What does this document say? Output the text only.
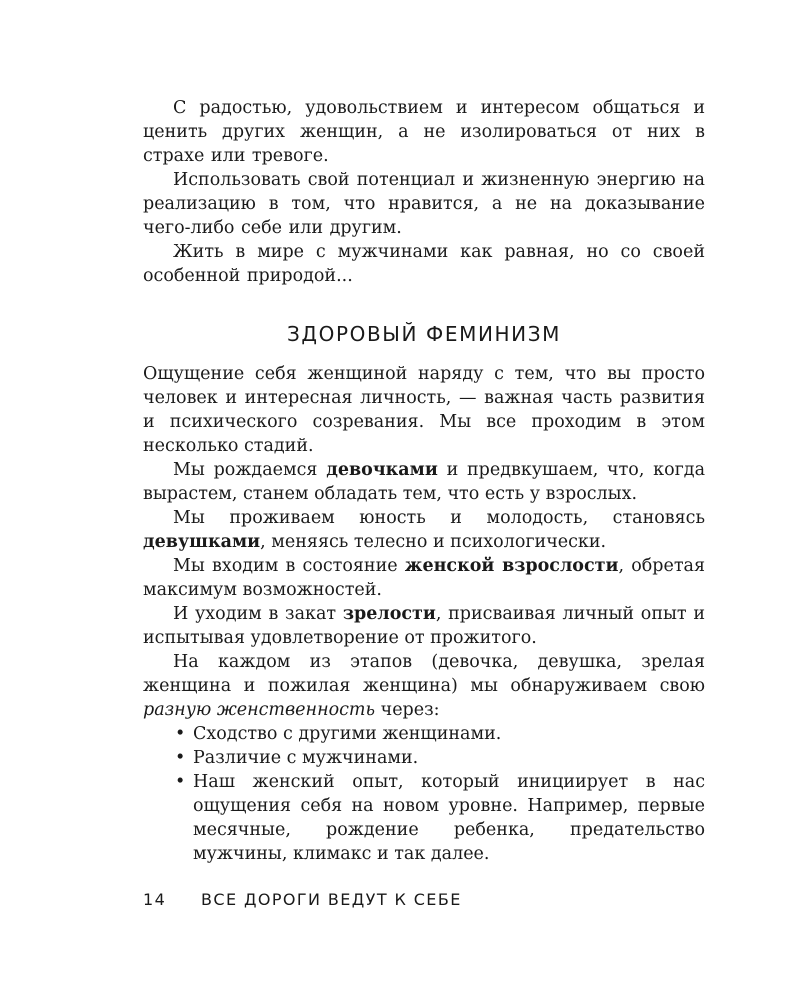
С радостью, удовольствием и интересом общаться и ценить других женщин, а не изолироваться от них в страхе или тревоге.

Использовать свой потенциал и жизненную энергию на реализацию в том, что нравится, а не на доказывание чего-либо себе или другим.

Жить в мире с мужчинами как равная, но со своей особенной природой...

ЗДОРОВЫЙ ФЕМИНИЗМ

Ощущение себя женщиной наряду с тем, что вы просто человек и интересная личность, — важная часть развития и психического созревания. Мы все проходим в этом несколько стадий.

Мы рождаемся девочками и предвкушаем, что, когда вырастем, станем обладать тем, что есть у взрослых.

Мы проживаем юность и молодость, становясь девушками, меняясь телесно и психологически.

Мы входим в состояние женской взрослости, обретая максимум возможностей.

И уходим в закат зрелости, присваивая личный опыт и испытывая удовлетворение от прожитого.

На каждом из этапов (девочка, девушка, зрелая женщина и пожилая женщина) мы обнаруживаем свою разную женственность через:

• Сходство с другими женщинами.
• Различие с мужчинами.
• Наш женский опыт, который инициирует в нас ощущения себя на новом уровне. Например, первые месячные, рождение ребенка, предательство мужчины, климакс и так далее.
14 ВСЕ ДОРОГИ ВЕДУТ К СЕБЕ
